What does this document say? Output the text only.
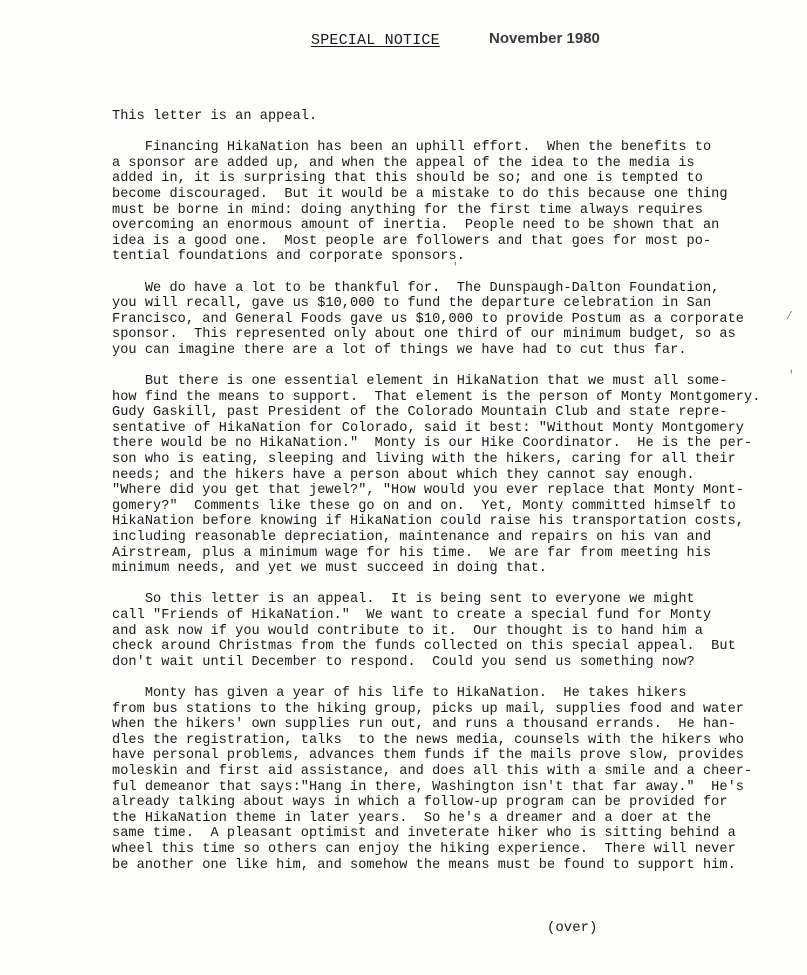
SPECIAL NOTICE	November 1980
This letter is an appeal.
Financing HikaNation has been an uphill effort.  When the benefits to
a sponsor are added up, and when the appeal of the idea to the media is
added in, it is surprising that this should be so; and one is tempted to
become discouraged.  But it would be a mistake to do this because one thing
must be borne in mind: doing anything for the first time always requires
overcoming an enormous amount of inertia.  People need to be shown that an
idea is a good one.  Most people are followers and that goes for most po-
tential foundations and corporate sponsors.
We do have a lot to be thankful for.  The Dunspaugh-Dalton Foundation,
you will recall, gave us $10,000 to fund the departure celebration in San
Francisco, and General Foods gave us $10,000 to provide Postum as a corporate
sponsor.  This represented only about one third of our minimum budget, so as
you can imagine there are a lot of things we have had to cut thus far.
But there is one essential element in HikaNation that we must all some-
how find the means to support.  That element is the person of Monty Montgomery.
Gudy Gaskill, past President of the Colorado Mountain Club and state repre-
sentative of HikaNation for Colorado, said it best: "Without Monty Montgomery
there would be no HikaNation."  Monty is our Hike Coordinator.  He is the per-
son who is eating, sleeping and living with the hikers, caring for all their
needs; and the hikers have a person about which they cannot say enough.
"Where did you get that jewel?", "How would you ever replace that Monty Mont-
gomery?"  Comments like these go on and on.  Yet, Monty committed himself to
HikaNation before knowing if HikaNation could raise his transportation costs,
including reasonable depreciation, maintenance and repairs on his van and
Airstream, plus a minimum wage for his time.  We are far from meeting his
minimum needs, and yet we must succeed in doing that.
So this letter is an appeal.  It is being sent to everyone we might
call "Friends of HikaNation."  We want to create a special fund for Monty
and ask now if you would contribute to it.  Our thought is to hand him a
check around Christmas from the funds collected on this special appeal.  But
don't wait until December to respond.  Could you send us something now?
Monty has given a year of his life to HikaNation.  He takes hikers
from bus stations to the hiking group, picks up mail, supplies food and water
when the hikers' own supplies run out, and runs a thousand errands.  He han-
dles the registration, talks  to the news media, counsels with the hikers who
have personal problems, advances them funds if the mails prove slow, provides
moleskin and first aid assistance, and does all this with a smile and a cheer-
ful demeanor that says:"Hang in there, Washington isn't that far away."  He's
already talking about ways in which a follow-up program can be provided for
the HikaNation theme in later years.  So he's a dreamer and a doer at the
same time.  A pleasant optimist and inveterate hiker who is sitting behind a
wheel this time so others can enjoy the hiking experience.  There will never
be another one like him, and somehow the means must be found to support him.
(over)
/
'
'
